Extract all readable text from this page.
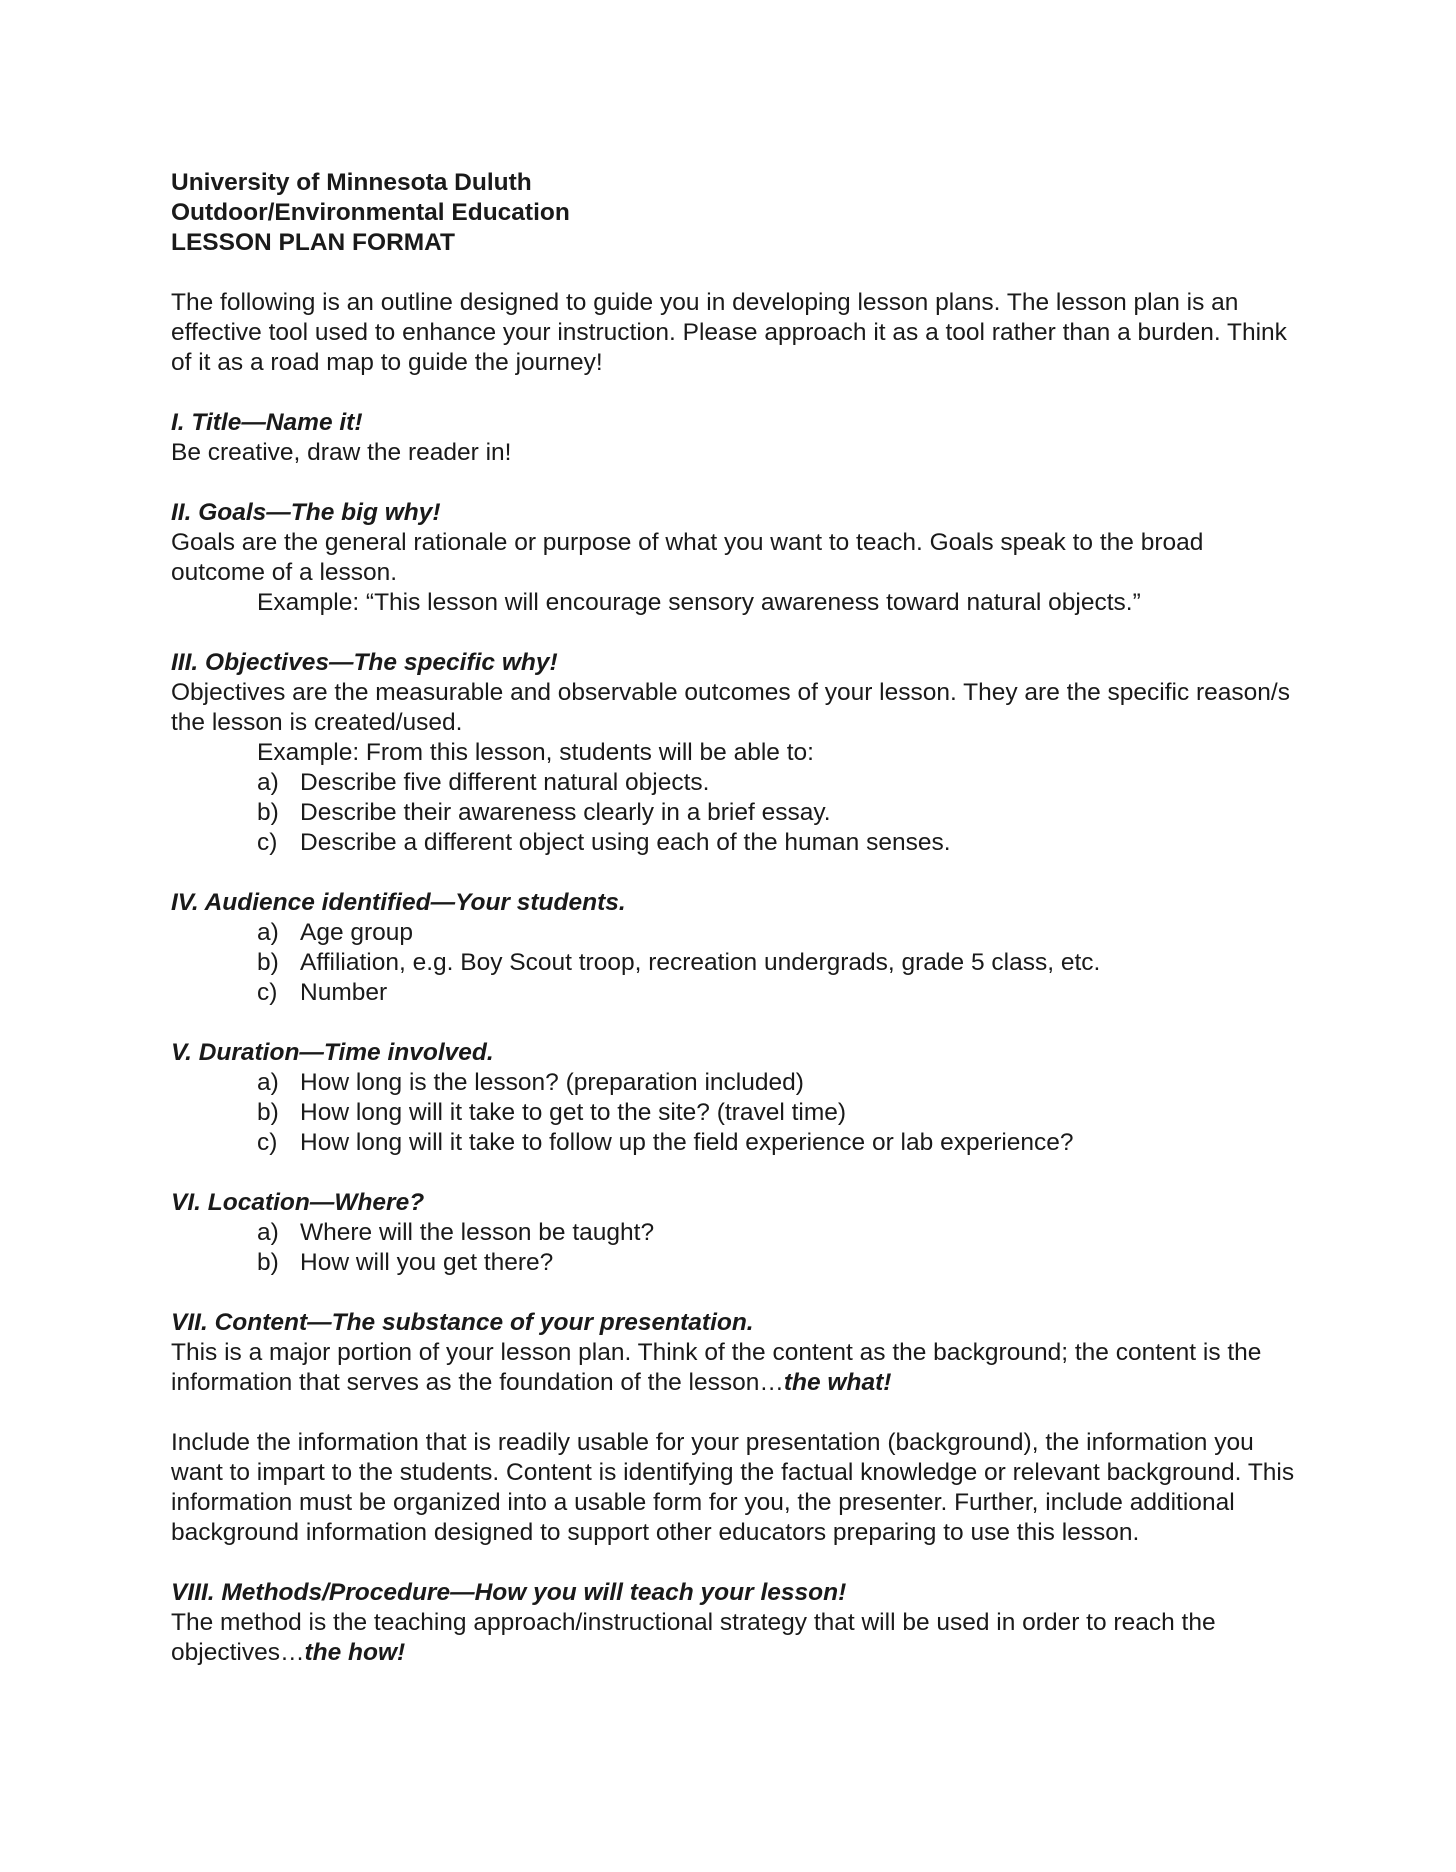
University of Minnesota Duluth

Outdoor/Environmental Education

LESSON PLAN FORMAT

The following is an outline designed to guide you in developing lesson plans. The lesson plan is an effective tool used to enhance your instruction. Please approach it as a tool rather than a burden. Think of it as a road map to guide the journey!

I. Title—Name it!

Be creative, draw the reader in!

II. Goals—The big why!

Goals are the general rationale or purpose of what you want to teach. Goals speak to the broad outcome of a lesson.

Example: “This lesson will encourage sensory awareness toward natural objects.”

III. Objectives—The specific why!

Objectives are the measurable and observable outcomes of your lesson. They are the specific reason/s the lesson is created/used.

Example: From this lesson, students will be able to:

a) Describe five different natural objects.
b) Describe their awareness clearly in a brief essay.
c) Describe a different object using each of the human senses.

IV. Audience identified—Your students.

a) Age group
b) Affiliation, e.g. Boy Scout troop, recreation undergrads, grade 5 class, etc.
c) Number

V. Duration—Time involved.

a) How long is the lesson? (preparation included)
b) How long will it take to get to the site? (travel time)
c) How long will it take to follow up the field experience or lab experience?

VI. Location—Where?

a) Where will the lesson be taught?
b) How will you get there?

VII. Content—The substance of your presentation.

This is a major portion of your lesson plan. Think of the content as the background; the content is the information that serves as the foundation of the lesson…the what!

Include the information that is readily usable for your presentation (background), the information you want to impart to the students. Content is identifying the factual knowledge or relevant background. This information must be organized into a usable form for you, the presenter. Further, include additional background information designed to support other educators preparing to use this lesson.

VIII. Methods/Procedure—How you will teach your lesson!

The method is the teaching approach/instructional strategy that will be used in order to reach the objectives…the how!
